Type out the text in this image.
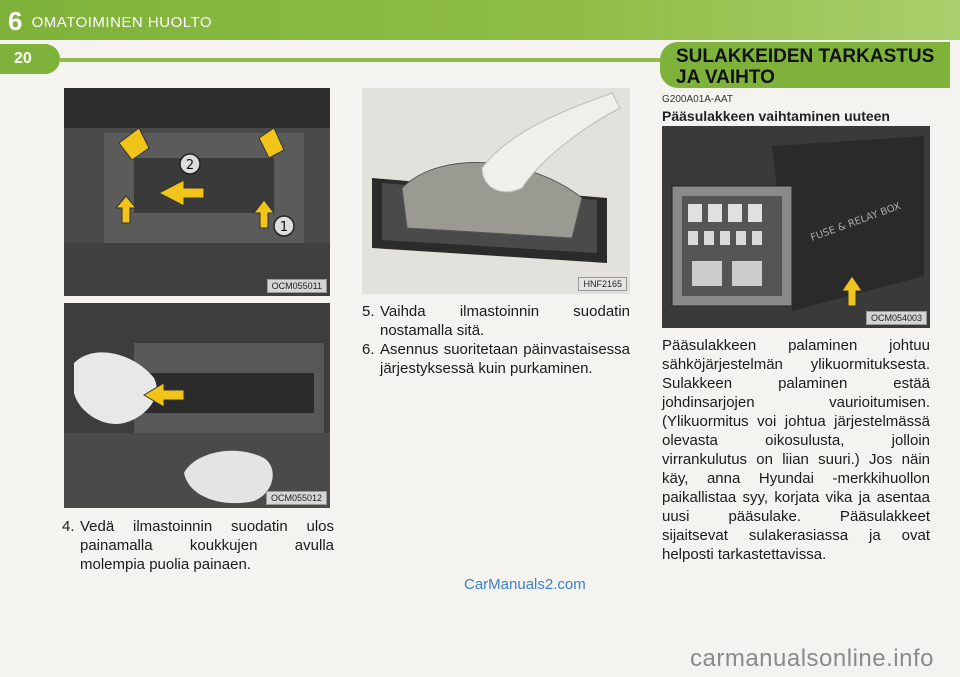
6 OMATOIMINEN HUOLTO
20	SULAKKEIDEN TARKASTUS
JA VAIHTO
G200A01A-AAT
Pääsulakkeen vaihtaminen uuteen
2
1
OCM055011
OCM055012
HNF2165
FUSE & RELAY BOX
OCM054003
4. Vedä ilmastoinnin suodatin ulos painamalla koukkujen avulla molempia puolia painaen.
5. Vaihda ilmastoinnin suodatin nostamalla sitä.
6. Asennus suoritetaan päinvastaisessa järjestyksessä kuin purkaminen.
Pääsulakkeen palaminen johtuu sähköjärjestelmän ylikuormituksesta. Sulakkeen palaminen estää johdinsarjojen vaurioitumisen. (Ylikuormitus voi johtua järjestelmässä olevasta oikosulusta, jolloin virrankulutus on liian suuri.) Jos näin käy, anna Hyundai -merkkihuollon paikallistaa syy, korjata vika ja asentaa uusi pääsulake. Pääsulakkeet sijaitsevat sulakerasiassa ja ovat helposti tarkastettavissa.
CarManuals2.com
carmanualsonline.info
